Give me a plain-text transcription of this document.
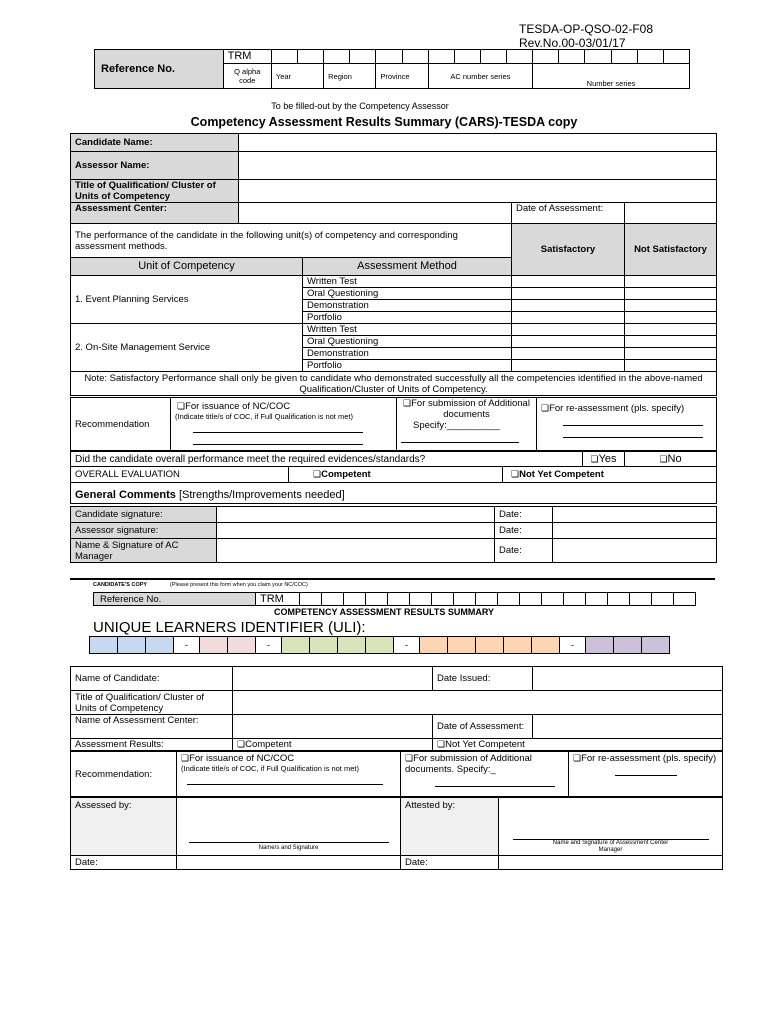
TESDA-OP-QSO-02-F08
Rev.No.00-03/01/17
Reference No.	TRM																
	Q alpha code	Year		Region		Province		AC number series				Number series					
To be filled-out by the Competency Assessor
Competency Assessment Results Summary (CARS)-TESDA copy
Candidate Name:				
Assessor Name:				
Title of Qualification/ Cluster of Units of Competency				
Assessment Center:			Date of Assessment:	
The performance of the candidate in the following unit(s) of competency and corresponding assessment methods.			Satisfactory	Not Satisfactory
Unit of Competency		Assessment Method		
1. Event Planning Services		Written Test		
		Oral Questioning		
		Demonstration		
		Portfolio		
2. On-Site Management Service		Written Test		
		Oral Questioning		
		Demonstration		
		Portfolio		
Note: Satisfactory Performance shall only be given to candidate who demonstrated successfully all the competencies identified in the above-named Qualification/Cluster of Units of Competency.				
Recommendation	
❏ For issuance of NC/COC
(Indicate title/s of COC, if Full Qualification is not met)

❏ For submission of Additional documents
Specify:__________

❏ For re-assessment (pls. specify)
Did the candidate overall performance meet the required evidences/standards?	❏Yes	❏No
OVERALL EVALUATION	❏Competent	❏Not Yet Competent
General Comments [Strengths/Improvements needed]				
Candidate signature:		Date:	
Assessor signature:		Date:	
Name & Signature of AC Manager		Date:	
CANDIDATE'S COPY	(Please present this form when you claim your NC/COC)
Reference No.	TRM																		
COMPETENCY ASSESSMENT RESULTS SUMMARY
UNIQUE LEARNERS IDENTIFIER (ULI):
			-			-					-						-			
Name of Candidate:		Date Issued:	
Title of Qualification/ Cluster of Units of Competency			
Name of Assessment Center:		Date of Assessment:	
Assessment Results:	❏Competent	❏Not Yet Competent
Recommendation:	
❏ For issuance of NC/COC
(Indicate title/s of COC, if Full Qualification is not met)

❏ For submission of Additional documents. Specify:_

❏ For re-assessment (pls. specify)
Assessed by:	Name/s and Signature	Attested by:	Name and Signature of Assessment Center Manager

Date:		Date:	
